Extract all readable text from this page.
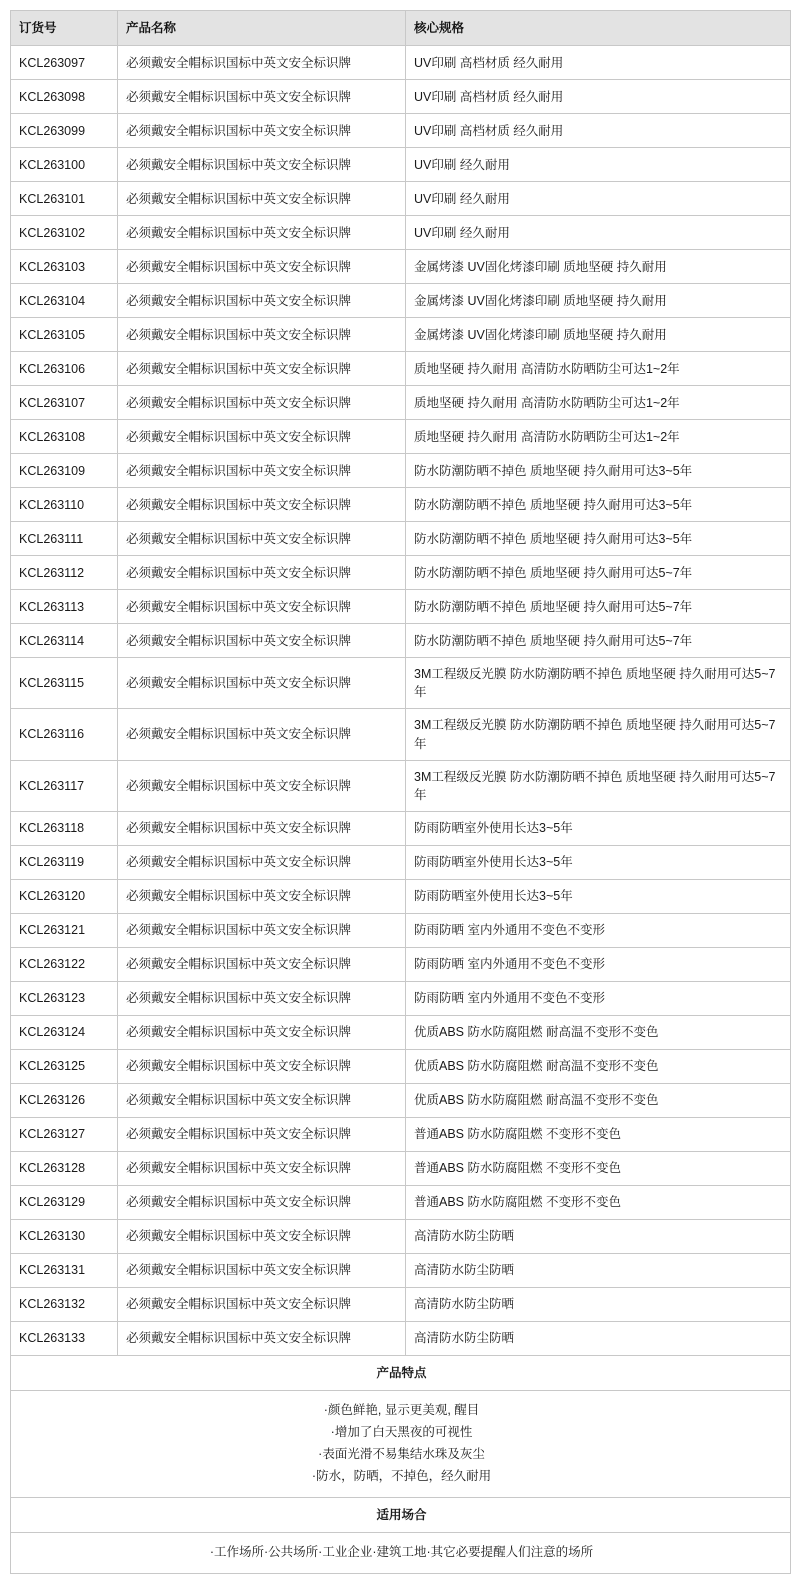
订货号	产品名称	核心规格
KCL263097	必须戴安全帽标识国标中英文安全标识牌	UV印刷 高档材质 经久耐用
KCL263098	必须戴安全帽标识国标中英文安全标识牌	UV印刷 高档材质 经久耐用
KCL263099	必须戴安全帽标识国标中英文安全标识牌	UV印刷 高档材质 经久耐用
KCL263100	必须戴安全帽标识国标中英文安全标识牌	UV印刷 经久耐用
KCL263101	必须戴安全帽标识国标中英文安全标识牌	UV印刷 经久耐用
KCL263102	必须戴安全帽标识国标中英文安全标识牌	UV印刷 经久耐用
KCL263103	必须戴安全帽标识国标中英文安全标识牌	金属烤漆 UV固化烤漆印刷 质地坚硬 持久耐用
KCL263104	必须戴安全帽标识国标中英文安全标识牌	金属烤漆 UV固化烤漆印刷 质地坚硬 持久耐用
KCL263105	必须戴安全帽标识国标中英文安全标识牌	金属烤漆 UV固化烤漆印刷 质地坚硬 持久耐用
KCL263106	必须戴安全帽标识国标中英文安全标识牌	质地坚硬 持久耐用 高清防水防晒防尘可达1~2年
KCL263107	必须戴安全帽标识国标中英文安全标识牌	质地坚硬 持久耐用 高清防水防晒防尘可达1~2年
KCL263108	必须戴安全帽标识国标中英文安全标识牌	质地坚硬 持久耐用 高清防水防晒防尘可达1~2年
KCL263109	必须戴安全帽标识国标中英文安全标识牌	防水防潮防晒不掉色 质地坚硬 持久耐用可达3~5年
KCL263110	必须戴安全帽标识国标中英文安全标识牌	防水防潮防晒不掉色 质地坚硬 持久耐用可达3~5年
KCL263111	必须戴安全帽标识国标中英文安全标识牌	防水防潮防晒不掉色 质地坚硬 持久耐用可达3~5年
KCL263112	必须戴安全帽标识国标中英文安全标识牌	防水防潮防晒不掉色 质地坚硬 持久耐用可达5~7年
KCL263113	必须戴安全帽标识国标中英文安全标识牌	防水防潮防晒不掉色 质地坚硬 持久耐用可达5~7年
KCL263114	必须戴安全帽标识国标中英文安全标识牌	防水防潮防晒不掉色 质地坚硬 持久耐用可达5~7年
KCL263115	必须戴安全帽标识国标中英文安全标识牌	3M工程级反光膜 防水防潮防晒不掉色 质地坚硬 持久耐用可达5~7年
KCL263116	必须戴安全帽标识国标中英文安全标识牌	3M工程级反光膜 防水防潮防晒不掉色 质地坚硬 持久耐用可达5~7年
KCL263117	必须戴安全帽标识国标中英文安全标识牌	3M工程级反光膜 防水防潮防晒不掉色 质地坚硬 持久耐用可达5~7年
KCL263118	必须戴安全帽标识国标中英文安全标识牌	防雨防晒室外使用长达3~5年
KCL263119	必须戴安全帽标识国标中英文安全标识牌	防雨防晒室外使用长达3~5年
KCL263120	必须戴安全帽标识国标中英文安全标识牌	防雨防晒室外使用长达3~5年
KCL263121	必须戴安全帽标识国标中英文安全标识牌	防雨防晒 室内外通用不变色不变形
KCL263122	必须戴安全帽标识国标中英文安全标识牌	防雨防晒 室内外通用不变色不变形
KCL263123	必须戴安全帽标识国标中英文安全标识牌	防雨防晒 室内外通用不变色不变形
KCL263124	必须戴安全帽标识国标中英文安全标识牌	优质ABS 防水防腐阻燃 耐高温不变形不变色
KCL263125	必须戴安全帽标识国标中英文安全标识牌	优质ABS 防水防腐阻燃 耐高温不变形不变色
KCL263126	必须戴安全帽标识国标中英文安全标识牌	优质ABS 防水防腐阻燃 耐高温不变形不变色
KCL263127	必须戴安全帽标识国标中英文安全标识牌	普通ABS 防水防腐阻燃 不变形不变色
KCL263128	必须戴安全帽标识国标中英文安全标识牌	普通ABS 防水防腐阻燃 不变形不变色
KCL263129	必须戴安全帽标识国标中英文安全标识牌	普通ABS 防水防腐阻燃 不变形不变色
KCL263130	必须戴安全帽标识国标中英文安全标识牌	高清防水防尘防晒
KCL263131	必须戴安全帽标识国标中英文安全标识牌	高清防水防尘防晒
KCL263132	必须戴安全帽标识国标中英文安全标识牌	高清防水防尘防晒
KCL263133	必须戴安全帽标识国标中英文安全标识牌	高清防水防尘防晒
产品特点		

·颜色鲜艳, 显示更美观, 醒目
·增加了白天黑夜的可视性
·表面光滑不易集结水珠及灰尘
·防水，防晒，不掉色，经久耐用		

适用场合		

·工作场所·公共场所·工业企业·建筑工地·其它必要提醒人们注意的场所		
